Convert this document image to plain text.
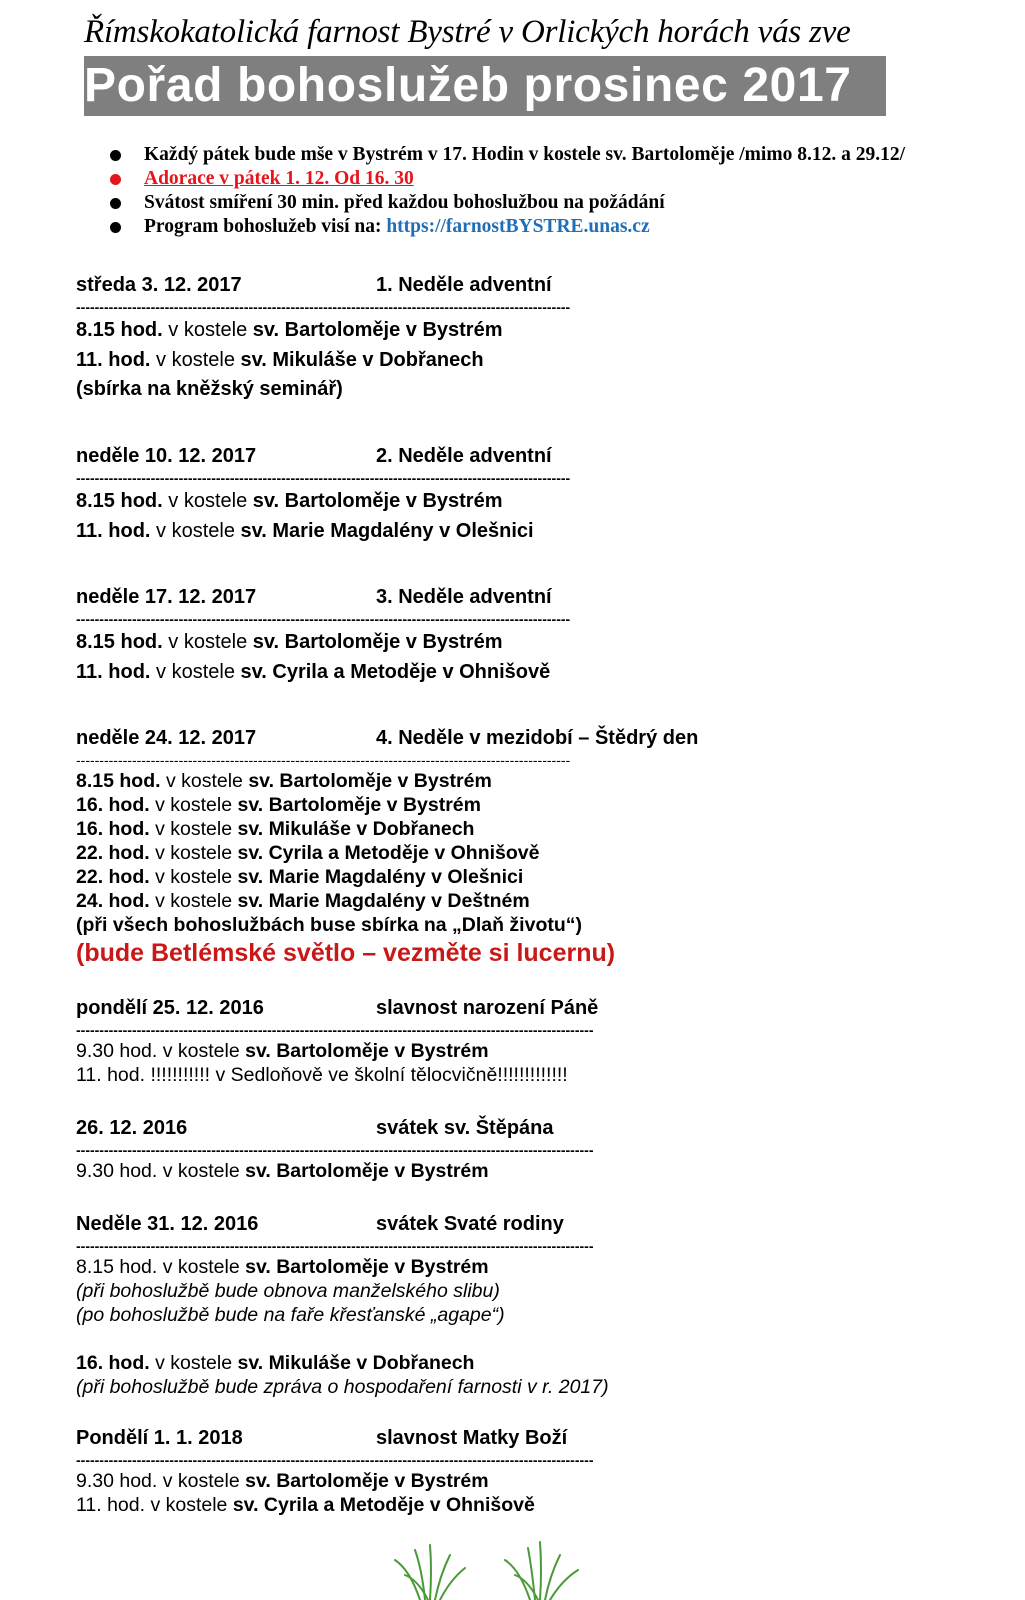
Římskokatolická farnost Bystré v Orlických horách vás zve
Pořad bohoslužeb prosinec 2017
Každý pátek bude mše v Bystrém v 17. Hodin v kostele sv. Bartoloměje /mimo 8.12. a 29.12/
Adorace v pátek 1. 12. Od 16. 30
Svátost smíření 30 min. před každou bohoslužbou na požádání
Program bohoslužeb visí na: https://farnostBYSTRE.unas.cz
středa 3. 12. 2017	1. Neděle adventní
----------------------------------------------------------------------------------------------------------
8.15 hod. v kostele sv. Bartoloměje v Bystrém
11. hod. v kostele sv. Mikuláše v Dobřanech
(sbírka na kněžský seminář)
neděle 10. 12. 2017	2. Neděle adventní
----------------------------------------------------------------------------------------------------------
8.15 hod. v kostele sv. Bartoloměje v Bystrém
11. hod. v kostele sv. Marie Magdalény v Olešnici
neděle 17. 12. 2017	3. Neděle adventní
----------------------------------------------------------------------------------------------------------
8.15 hod. v kostele sv. Bartoloměje v Bystrém
11. hod. v kostele sv. Cyrila a Metoděje v Ohnišově
neděle 24. 12. 2017	4. Neděle v mezidobí – Štědrý den
----------------------------------------------------------------------------------------------------------
8.15 hod. v kostele sv. Bartoloměje v Bystrém
16. hod. v kostele sv. Bartoloměje v Bystrém
16. hod. v kostele sv. Mikuláše v Dobřanech
22. hod. v kostele sv. Cyrila a Metoděje v Ohnišově
22. hod. v kostele sv. Marie Magdalény v Olešnici
24. hod. v kostele sv. Marie Magdalény v Deštném
(při všech bohoslužbách buse sbírka na „Dlaň životu“)
(bude Betlémské světlo – vezměte si lucernu)
pondělí 25. 12. 2016	slavnost narození Páně
---------------------------------------------------------------------------------------------------------------
9.30 hod. v kostele sv. Bartoloměje v Bystrém
11. hod. !!!!!!!!!!! v Sedloňově ve školní tělocvičně!!!!!!!!!!!!!
26. 12. 2016	svátek sv. Štěpána
---------------------------------------------------------------------------------------------------------------
9.30 hod. v kostele sv. Bartoloměje v Bystrém
Neděle 31. 12. 2016	svátek Svaté rodiny
---------------------------------------------------------------------------------------------------------------
8.15 hod. v kostele sv. Bartoloměje v Bystrém
(při bohoslužbě bude obnova manželského slibu)
(po bohoslužbě bude na faře křesťanské „agape“)
16. hod. v kostele sv. Mikuláše v Dobřanech
(při bohoslužbě bude zpráva o hospodaření farnosti v r. 2017)
Pondělí 1. 1. 2018	slavnost Matky Boží
---------------------------------------------------------------------------------------------------------------
9.30 hod. v kostele sv. Bartoloměje v Bystrém
11. hod. v kostele sv. Cyrila a Metoděje v Ohnišově
